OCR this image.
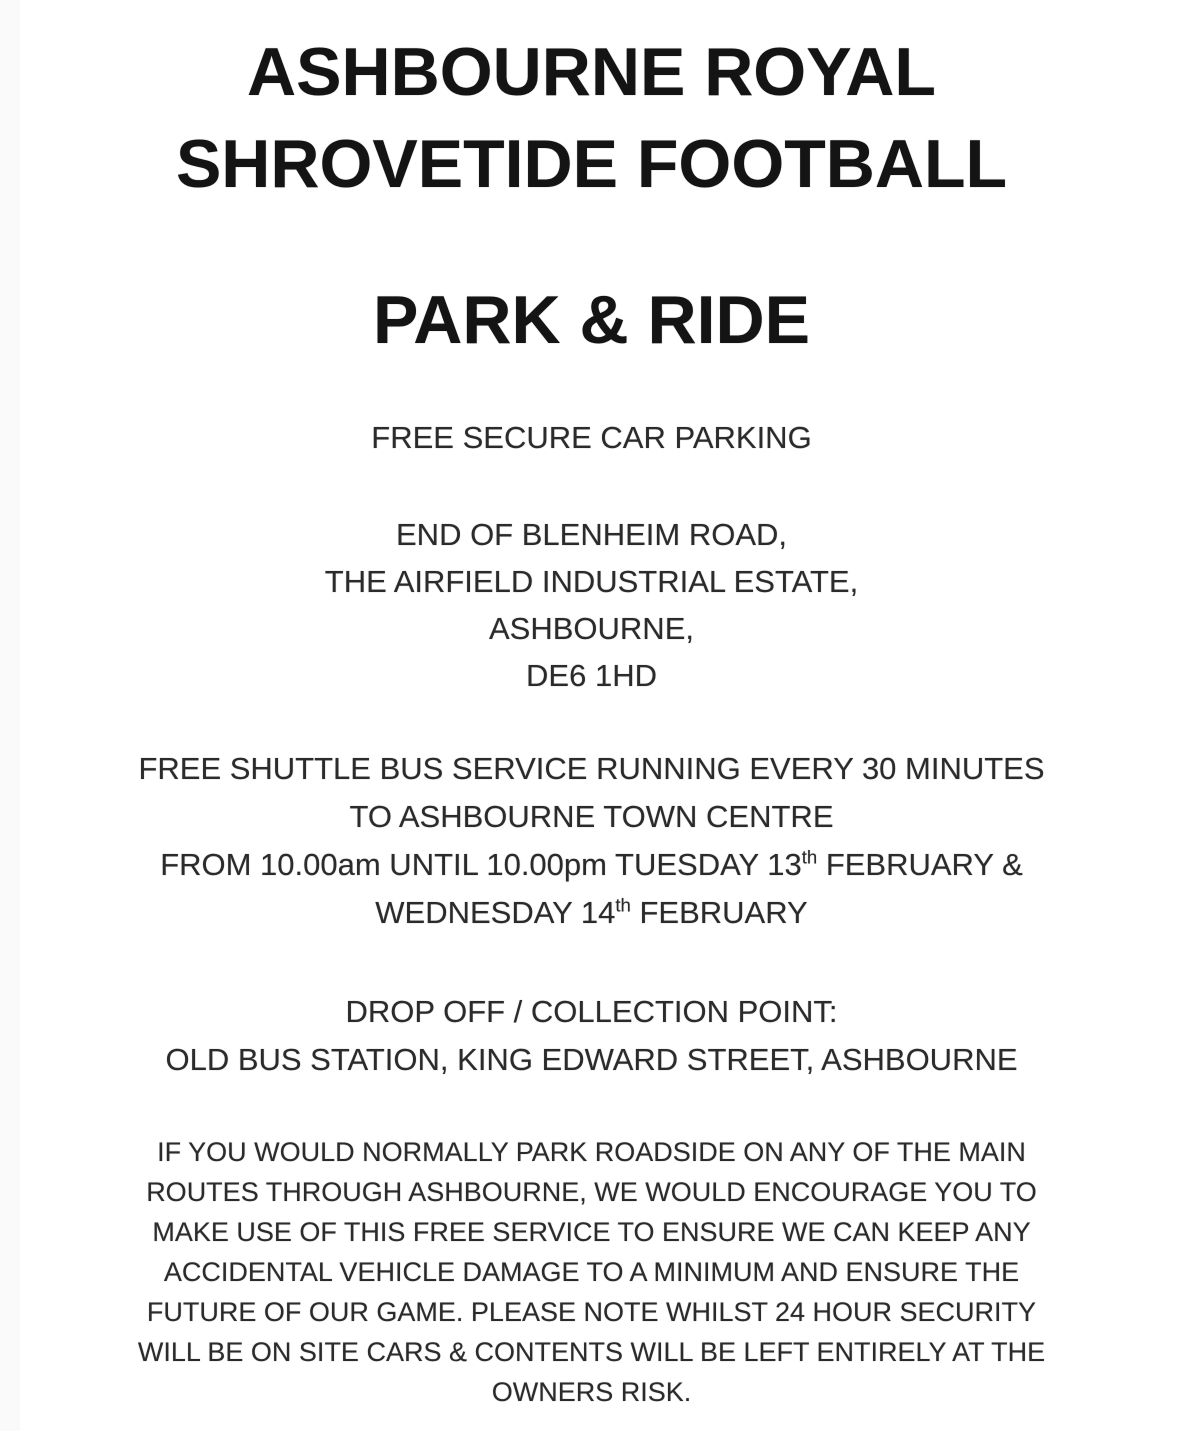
ASHBOURNE ROYAL
SHROVETIDE FOOTBALL
PARK & RIDE
FREE SECURE CAR PARKING
END OF BLENHEIM ROAD,
THE AIRFIELD INDUSTRIAL ESTATE,
ASHBOURNE,
DE6 1HD
FREE SHUTTLE BUS SERVICE RUNNING EVERY 30 MINUTES
TO ASHBOURNE TOWN CENTRE
FROM 10.00am UNTIL 10.00pm TUESDAY 13th FEBRUARY &
WEDNESDAY 14th FEBRUARY
DROP OFF / COLLECTION POINT:
OLD BUS STATION, KING EDWARD STREET, ASHBOURNE
IF YOU WOULD NORMALLY PARK ROADSIDE ON ANY OF THE MAIN
ROUTES THROUGH ASHBOURNE, WE WOULD ENCOURAGE YOU TO
MAKE USE OF THIS FREE SERVICE TO ENSURE WE CAN KEEP ANY
ACCIDENTAL VEHICLE DAMAGE TO A MINIMUM AND ENSURE THE
FUTURE OF OUR GAME. PLEASE NOTE WHILST 24 HOUR SECURITY
WILL BE ON SITE CARS & CONTENTS WILL BE LEFT ENTIRELY AT THE
OWNERS RISK.
